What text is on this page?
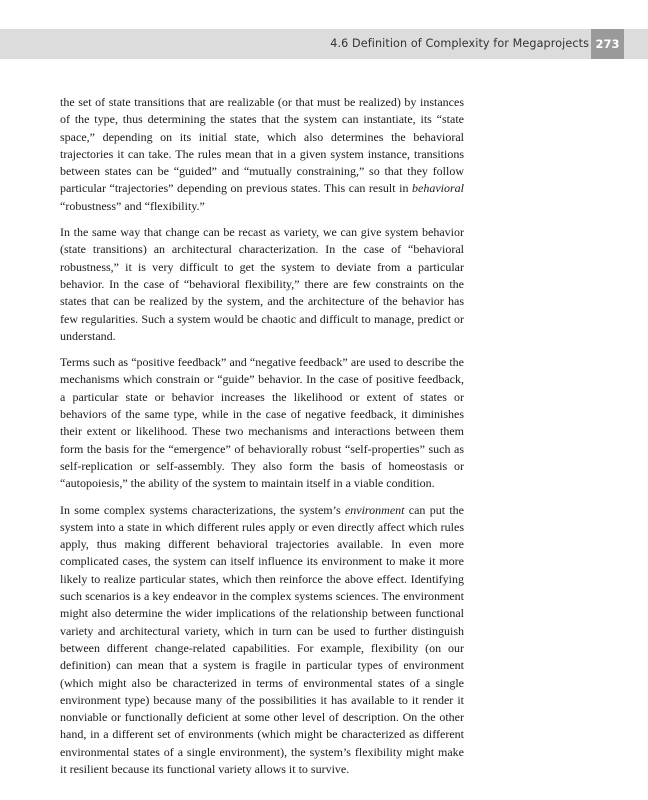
4.6 Definition of Complexity for Megaprojects 273

the set of state transitions that are realizable (or that must be realized) by instances of the type, thus determining the states that the system can instantiate, its “state space,” depending on its initial state, which also determines the behavioral trajectories it can take. The rules mean that in a given system instance, transitions between states can be “guided” and “mutually constraining,” so that they follow particular “trajectories” depending on previous states. This can result in behavioral “robustness” and “flexibility.”

In the same way that change can be recast as variety, we can give system behavior (state transitions) an architectural characterization. In the case of “behavioral robustness,” it is very difficult to get the system to deviate from a particular behavior. In the case of “behavioral flexibility,” there are few constraints on the states that can be realized by the system, and the architecture of the behavior has few regularities. Such a system would be chaotic and difficult to manage, predict or understand.

Terms such as “positive feedback” and “negative feedback” are used to describe the mechanisms which constrain or “guide” behavior. In the case of positive feedback, a particular state or behavior increases the likelihood or extent of states or behaviors of the same type, while in the case of negative feedback, it diminishes their extent or likelihood. These two mechanisms and interactions between them form the basis for the “emergence” of behaviorally robust “self-properties” such as self-replication or self-assembly. They also form the basis of homeostasis or “autopoiesis,” the ability of the system to maintain itself in a viable condition.

In some complex systems characterizations, the system’s environment can put the system into a state in which different rules apply or even directly affect which rules apply, thus making different behavioral trajectories available. In even more complicated cases, the system can itself influence its environment to make it more likely to realize particular states, which then reinforce the above effect. Identifying such scenarios is a key endeavor in the complex systems sciences. The environment might also determine the wider implications of the relationship between functional variety and architectural variety, which in turn can be used to further distinguish between different change-related capabilities. For example, flexibility (on our definition) can mean that a system is fragile in particular types of environment (which might also be characterized in terms of environmental states of a single environment type) because many of the possibilities it has available to it render it nonviable or functionally deficient at some other level of description. On the other hand, in a different set of environments (which might be characterized as different environmental states of a single environment), the system’s flexibility might make it resilient because its functional variety allows it to survive.
